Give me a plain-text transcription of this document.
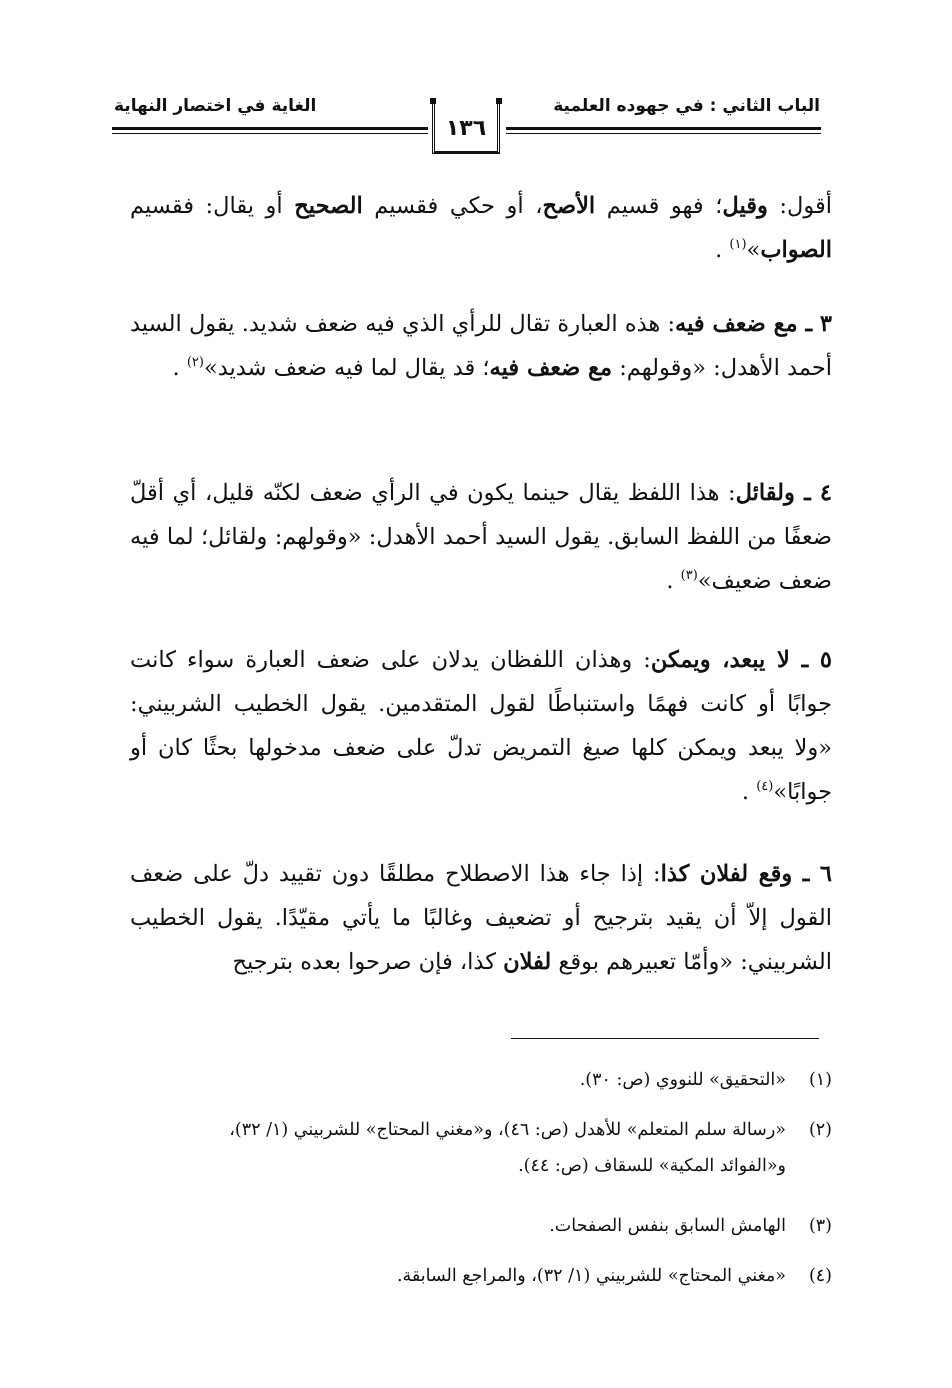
الباب الثاني : في جهوده العلمية
الغاية في اختصار النهاية
١٣٦
أقول: وقيل؛ فهو قسيم الأصح، أو حكي فقسيم الصحيح أو يقال: فقسيم الصواب»$^{(١)}$ .
٣ ـ مع ضعف فيه: هذه العبارة تقال للرأي الذي فيه ضعف شديد. يقول السيد أحمد الأهدل: «وقولهم: مع ضعف فيه؛ قد يقال لما فيه ضعف شديد»$^{(٢)}$ .
٤ ـ ولقائل: هذا اللفظ يقال حينما يكون في الرأي ضعف لكنّه قليل، أي أقلّ ضعفًا من اللفظ السابق. يقول السيد أحمد الأهدل: «وقولهم: ولقائل؛ لما فيه ضعف ضعيف»$^{(٣)}$ .
٥ ـ لا يبعد، ويمكن: وهذان اللفظان يدلان على ضعف العبارة سواء كانت جوابًا أو كانت فهمًا واستنباطًا لقول المتقدمين. يقول الخطيب الشربيني: «ولا يبعد ويمكن كلها صيغ التمريض تدلّ على ضعف مدخولها بحثًا كان أو جوابًا»$^{(٤)}$ .
٦ ـ وقع لفلان كذا: إذا جاء هذا الاصطلاح مطلقًا دون تقييد دلّ على ضعف القول إلاّ أن يقيد بترجيح أو تضعيف وغالبًا ما يأتي مقيّدًا. يقول الخطيب الشربيني: «وأمّا تعبيرهم بوقع لفلان كذا، فإن صرحوا بعده بترجيح
(١)«التحقيق» للنووي (ص: ٣٠).
(٢)«رسالة سلم المتعلم» للأهدل (ص: ٤٦)، و«مغني المحتاج» للشربيني (١/ ٣٢)،
و«الفوائد المكية» للسقاف (ص: ٤٤).
(٣)الهامش السابق بنفس الصفحات.
(٤)«مغني المحتاج» للشربيني (١/ ٣٢)، والمراجع السابقة.
